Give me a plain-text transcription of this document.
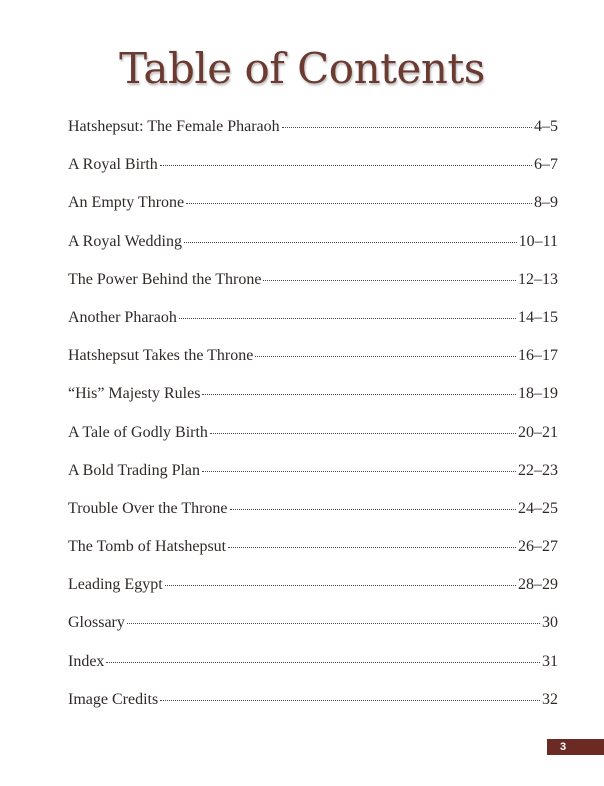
Table of Contents
Hatshepsut: The Female Pharaoh	4–5
A Royal Birth	6–7
An Empty Throne	8–9
A Royal Wedding	10–11
The Power Behind the Throne	12–13
Another Pharaoh	14–15
Hatshepsut Takes the Throne	16–17
“His” Majesty Rules	18–19
A Tale of Godly Birth	20–21
A Bold Trading Plan	22–23
Trouble Over the Throne	24–25
The Tomb of Hatshepsut	26–27
Leading Egypt	28–29
Glossary	30
Index	31
Image Credits	32
3
